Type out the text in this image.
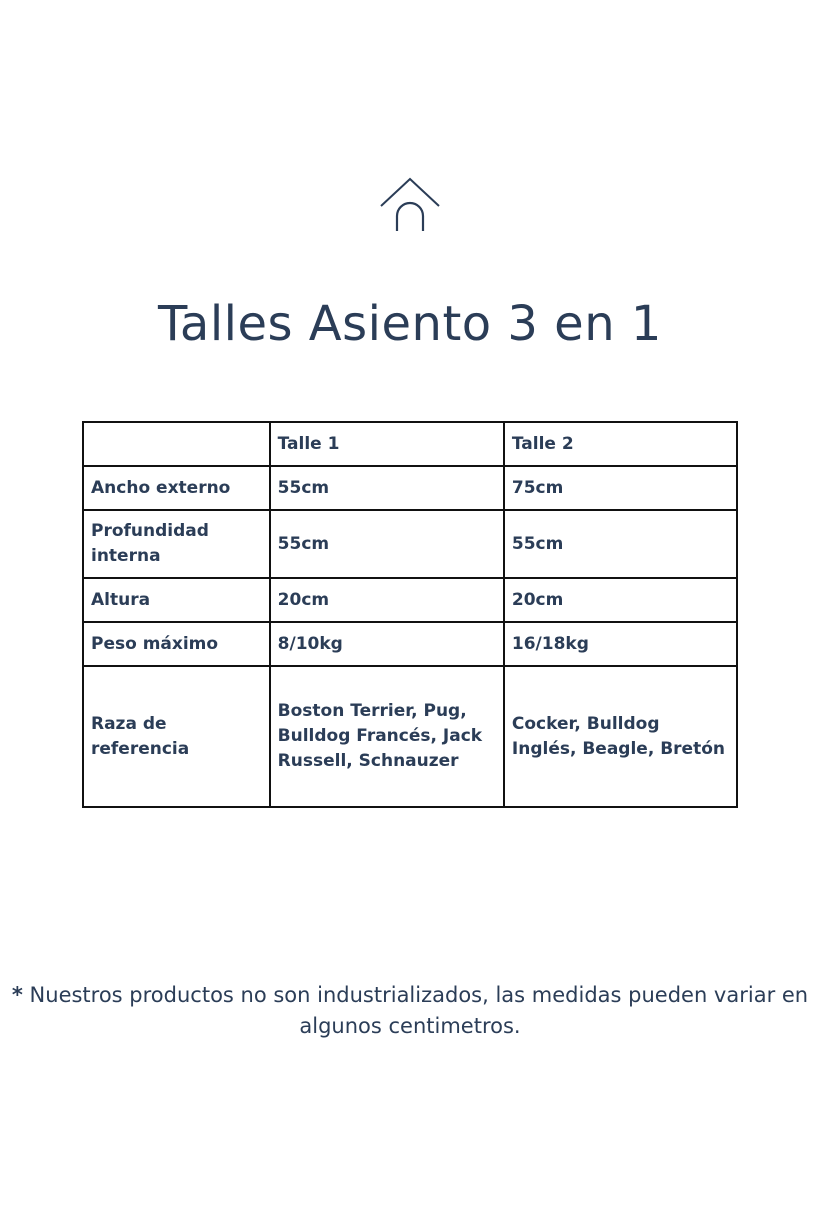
Talles Asiento 3 en 1
	Talle 1	Talle 2
Ancho externo	55cm	75cm
Profundidad interna	55cm	55cm
Altura	20cm	20cm
Peso máximo	8/10kg	16/18kg
Raza de referencia	Boston Terrier, Pug, Bulldog Francés, Jack Russell, Schnauzer	Cocker, Bulldog Inglés, Beagle, Bretón

* Nuestros productos no son industrializados, las medidas pueden variar en algunos centimetros.
